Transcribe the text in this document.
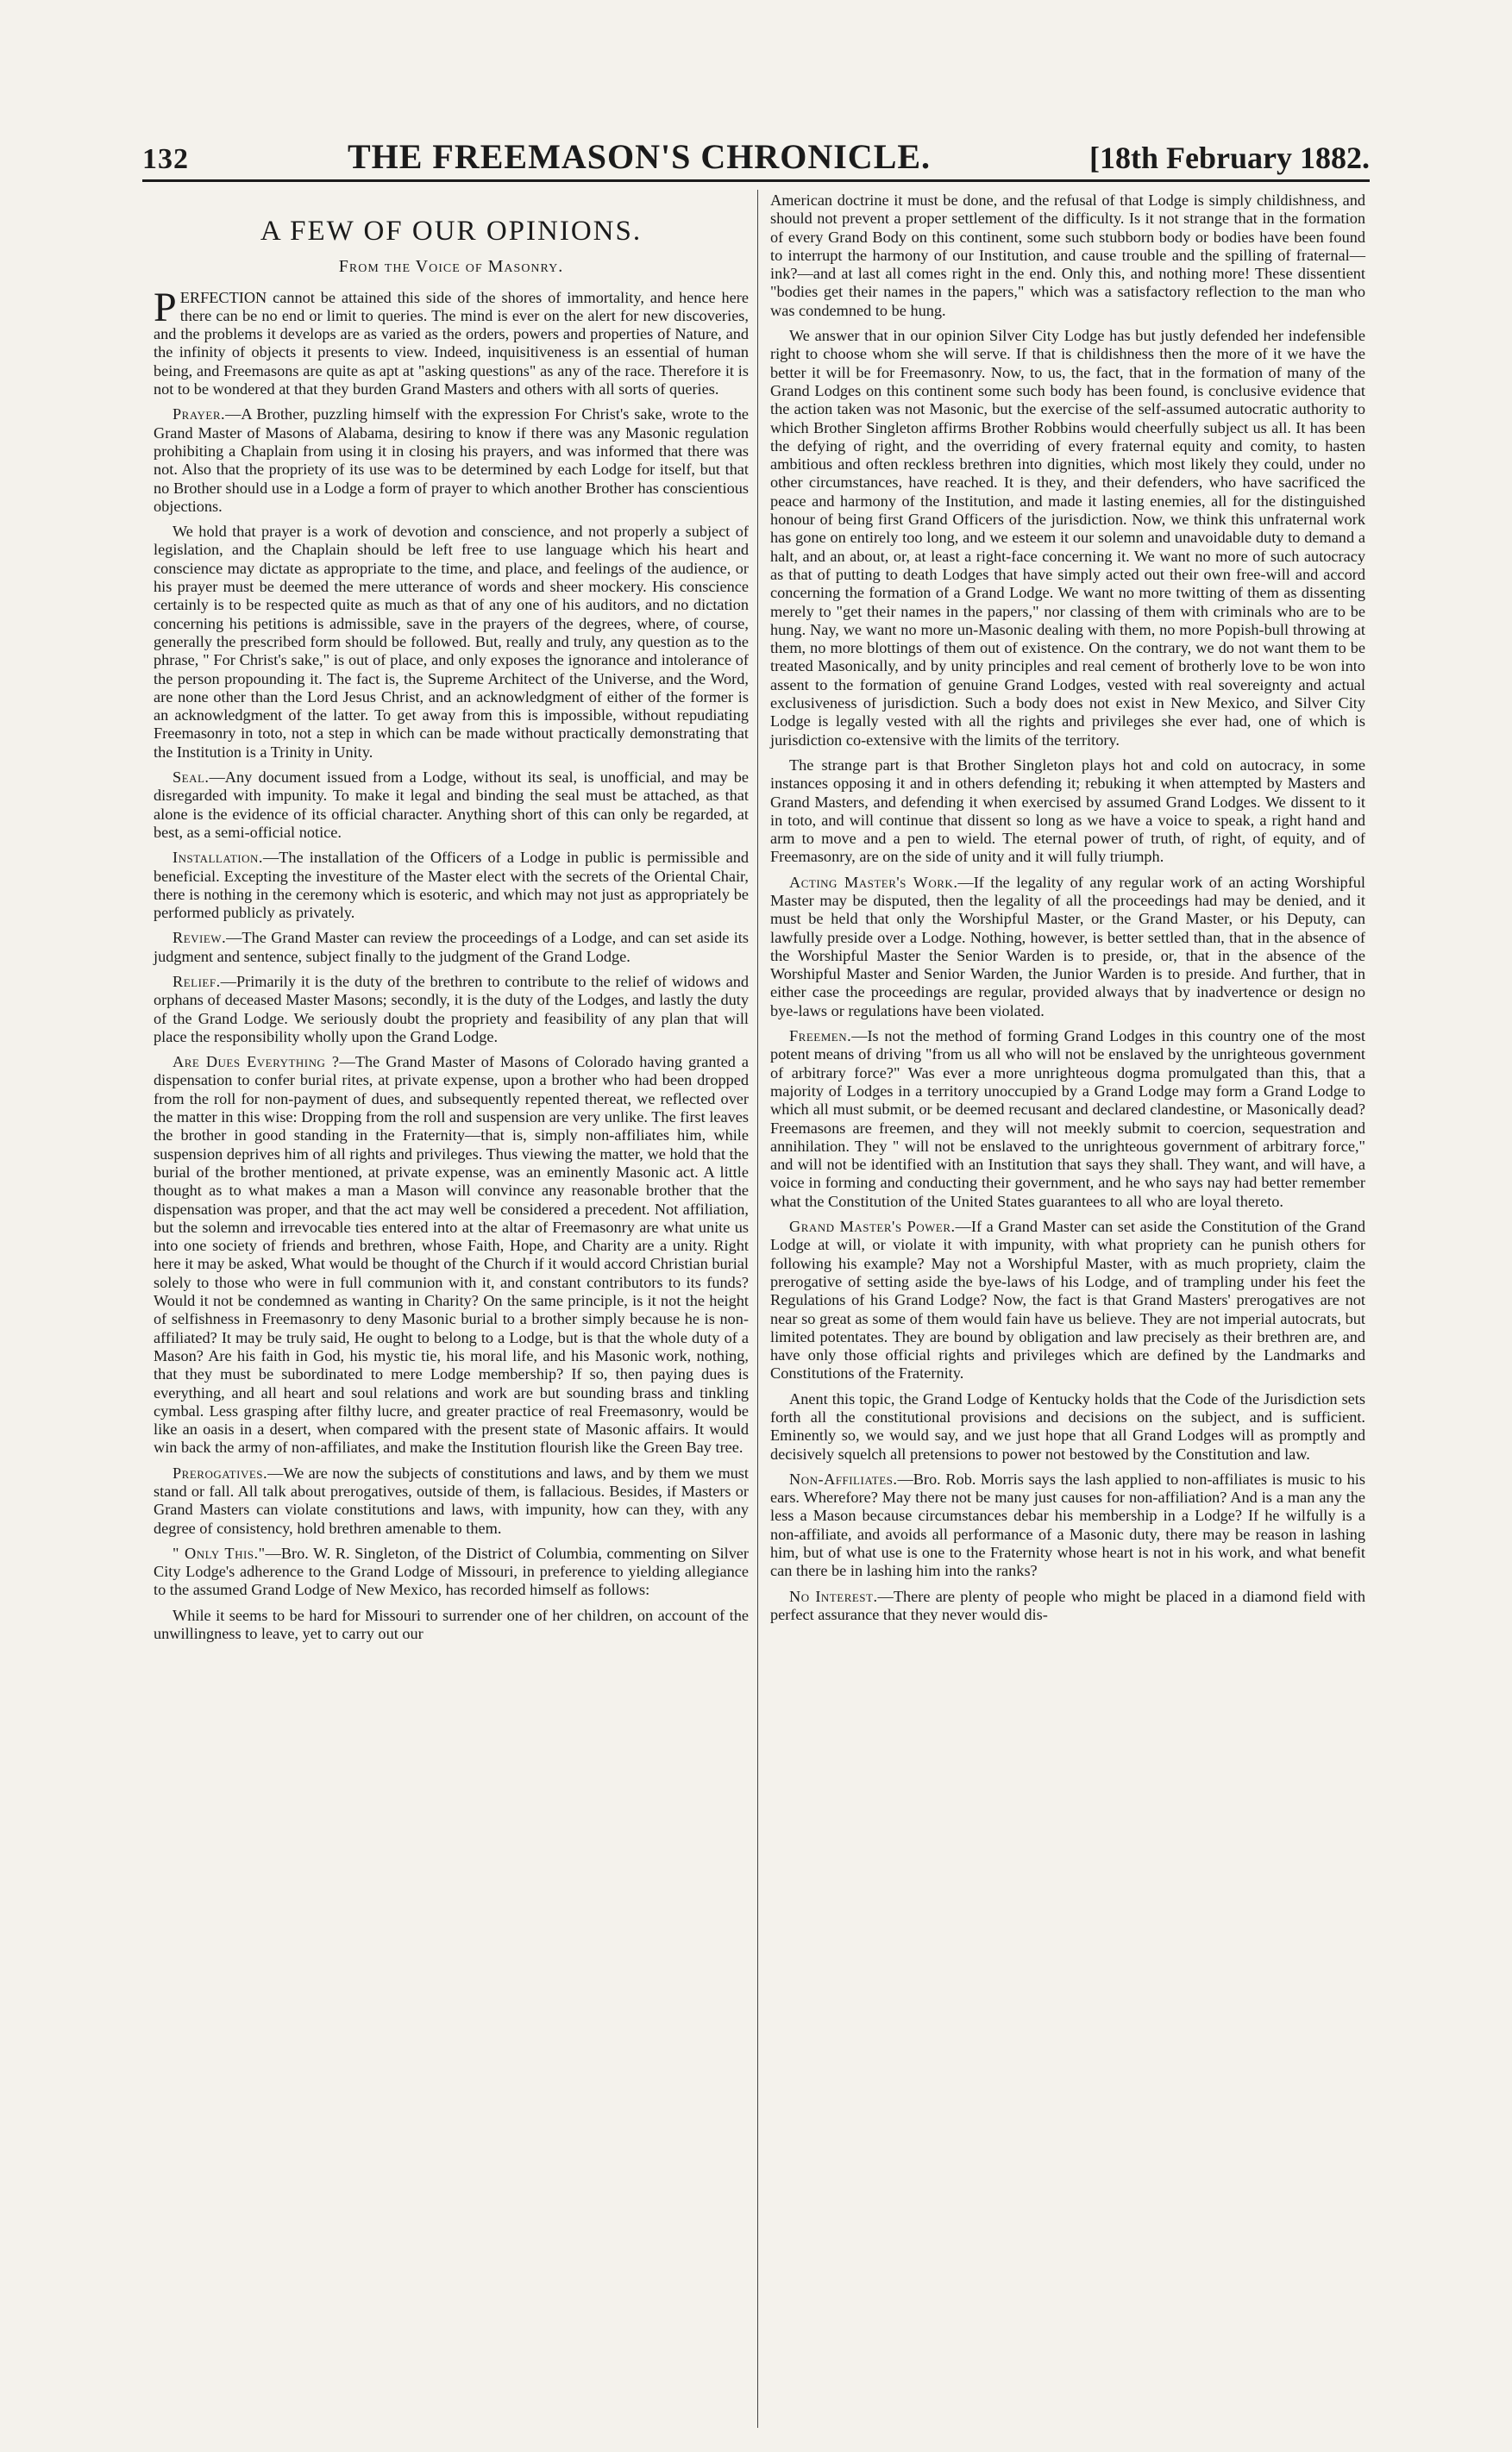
132	THE FREEMASON'S CHRONICLE.	[18th February 1882.
A FEW OF OUR OPINIONS.
From the Voice of Masonry.

PERFECTION cannot be attained this side of the shores of immortality, and hence here there can be no end or limit to queries. The mind is ever on the alert for new discoveries, and the problems it develops are as varied as the orders, powers and properties of Nature, and the infinity of objects it presents to view. Indeed, inquisitiveness is an essential of human being, and Freemasons are quite as apt at "asking questions" as any of the race. Therefore it is not to be wondered at that they burden Grand Masters and others with all sorts of queries.

Prayer.—A Brother, puzzling himself with the expression For Christ's sake, wrote to the Grand Master of Masons of Alabama, desiring to know if there was any Masonic regulation prohibiting a Chaplain from using it in closing his prayers, and was informed that there was not. Also that the propriety of its use was to be determined by each Lodge for itself, but that no Brother should use in a Lodge a form of prayer to which another Brother has conscientious objections.

We hold that prayer is a work of devotion and conscience, and not properly a subject of legislation, and the Chaplain should be left free to use language which his heart and conscience may dictate as appropriate to the time, and place, and feelings of the audience, or his prayer must be deemed the mere utterance of words and sheer mockery. His conscience certainly is to be respected quite as much as that of any one of his auditors, and no dictation concerning his petitions is admissible, save in the prayers of the degrees, where, of course, generally the prescribed form should be followed. But, really and truly, any question as to the phrase, " For Christ's sake," is out of place, and only exposes the ignorance and intolerance of the person propounding it. The fact is, the Supreme Architect of the Universe, and the Word, are none other than the Lord Jesus Christ, and an acknowledgment of either of the former is an acknowledgment of the latter. To get away from this is impossible, without repudiating Freemasonry in toto, not a step in which can be made without practically demonstrating that the Institution is a Trinity in Unity.

Seal.—Any document issued from a Lodge, without its seal, is unofficial, and may be disregarded with impunity. To make it legal and binding the seal must be attached, as that alone is the evidence of its official character. Anything short of this can only be regarded, at best, as a semi-official notice.

Installation.—The installation of the Officers of a Lodge in public is permissible and beneficial. Excepting the investiture of the Master elect with the secrets of the Oriental Chair, there is nothing in the ceremony which is esoteric, and which may not just as appropriately be performed publicly as privately.

Review.—The Grand Master can review the proceedings of a Lodge, and can set aside its judgment and sentence, subject finally to the judgment of the Grand Lodge.

Relief.—Primarily it is the duty of the brethren to contribute to the relief of widows and orphans of deceased Master Masons; secondly, it is the duty of the Lodges, and lastly the duty of the Grand Lodge. We seriously doubt the propriety and feasibility of any plan that will place the responsibility wholly upon the Grand Lodge.

Are Dues Everything ?—The Grand Master of Masons of Colorado having granted a dispensation to confer burial rites, at private expense, upon a brother who had been dropped from the roll for non-payment of dues, and subsequently repented thereat, we reflected over the matter in this wise: Dropping from the roll and suspension are very unlike. The first leaves the brother in good standing in the Fraternity—that is, simply non-affiliates him, while suspension deprives him of all rights and privileges. Thus viewing the matter, we hold that the burial of the brother mentioned, at private expense, was an eminently Masonic act. A little thought as to what makes a man a Mason will convince any reasonable brother that the dispensation was proper, and that the act may well be considered a precedent. Not affiliation, but the solemn and irrevocable ties entered into at the altar of Freemasonry are what unite us into one society of friends and brethren, whose Faith, Hope, and Charity are a unity. Right here it may be asked, What would be thought of the Church if it would accord Christian burial solely to those who were in full communion with it, and constant contributors to its funds? Would it not be condemned as wanting in Charity? On the same principle, is it not the height of selfishness in Freemasonry to deny Masonic burial to a brother simply because he is non-affiliated? It may be truly said, He ought to belong to a Lodge, but is that the whole duty of a Mason? Are his faith in God, his mystic tie, his moral life, and his Masonic work, nothing, that they must be subordinated to mere Lodge membership? If so, then paying dues is everything, and all heart and soul relations and work are but sounding brass and tinkling cymbal. Less grasping after filthy lucre, and greater practice of real Freemasonry, would be like an oasis in a desert, when compared with the present state of Masonic affairs. It would win back the army of non-affiliates, and make the Institution flourish like the Green Bay tree.

Prerogatives.—We are now the subjects of constitutions and laws, and by them we must stand or fall. All talk about prerogatives, outside of them, is fallacious. Besides, if Masters or Grand Masters can violate constitutions and laws, with impunity, how can they, with any degree of consistency, hold brethren amenable to them.

" Only This."—Bro. W. R. Singleton, of the District of Columbia, commenting on Silver City Lodge's adherence to the Grand Lodge of Missouri, in preference to yielding allegiance to the assumed Grand Lodge of New Mexico, has recorded himself as follows:

While it seems to be hard for Missouri to surrender one of her children, on account of the unwillingness to leave, yet to carry out our

American doctrine it must be done, and the refusal of that Lodge is simply childishness, and should not prevent a proper settlement of the difficulty. Is it not strange that in the formation of every Grand Body on this continent, some such stubborn body or bodies have been found to interrupt the harmony of our Institution, and cause trouble and the spilling of fraternal—ink?—and at last all comes right in the end. Only this, and nothing more! These dissentient "bodies get their names in the papers," which was a satisfactory reflection to the man who was condemned to be hung.

We answer that in our opinion Silver City Lodge has but justly defended her indefensible right to choose whom she will serve. If that is childishness then the more of it we have the better it will be for Freemasonry. Now, to us, the fact, that in the formation of many of the Grand Lodges on this continent some such body has been found, is conclusive evidence that the action taken was not Masonic, but the exercise of the self-assumed autocratic authority to which Brother Singleton affirms Brother Robbins would cheerfully subject us all. It has been the defying of right, and the overriding of every fraternal equity and comity, to hasten ambitious and often reckless brethren into dignities, which most likely they could, under no other circumstances, have reached. It is they, and their defenders, who have sacrificed the peace and harmony of the Institution, and made it lasting enemies, all for the distinguished honour of being first Grand Officers of the jurisdiction. Now, we think this unfraternal work has gone on entirely too long, and we esteem it our solemn and unavoidable duty to demand a halt, and an about, or, at least a right-face concerning it. We want no more of such autocracy as that of putting to death Lodges that have simply acted out their own free-will and accord concerning the formation of a Grand Lodge. We want no more twitting of them as dissenting merely to "get their names in the papers," nor classing of them with criminals who are to be hung. Nay, we want no more un-Masonic dealing with them, no more Popish-bull throwing at them, no more blottings of them out of existence. On the contrary, we do not want them to be treated Masonically, and by unity principles and real cement of brotherly love to be won into assent to the formation of genuine Grand Lodges, vested with real sovereignty and actual exclusiveness of jurisdiction. Such a body does not exist in New Mexico, and Silver City Lodge is legally vested with all the rights and privileges she ever had, one of which is jurisdiction co-extensive with the limits of the territory.

The strange part is that Brother Singleton plays hot and cold on autocracy, in some instances opposing it and in others defending it; rebuking it when attempted by Masters and Grand Masters, and defending it when exercised by assumed Grand Lodges. We dissent to it in toto, and will continue that dissent so long as we have a voice to speak, a right hand and arm to move and a pen to wield. The eternal power of truth, of right, of equity, and of Freemasonry, are on the side of unity and it will fully triumph.

Acting Master's Work.—If the legality of any regular work of an acting Worshipful Master may be disputed, then the legality of all the proceedings had may be denied, and it must be held that only the Worshipful Master, or the Grand Master, or his Deputy, can lawfully preside over a Lodge. Nothing, however, is better settled than, that in the absence of the Worshipful Master the Senior Warden is to preside, or, that in the absence of the Worshipful Master and Senior Warden, the Junior Warden is to preside. And further, that in either case the proceedings are regular, provided always that by inadvertence or design no bye-laws or regulations have been violated.

Freemen.—Is not the method of forming Grand Lodges in this country one of the most potent means of driving "from us all who will not be enslaved by the unrighteous government of arbitrary force?" Was ever a more unrighteous dogma promulgated than this, that a majority of Lodges in a territory unoccupied by a Grand Lodge may form a Grand Lodge to which all must submit, or be deemed recusant and declared clandestine, or Masonically dead? Freemasons are freemen, and they will not meekly submit to coercion, sequestration and annihilation. They " will not be enslaved to the unrighteous government of arbitrary force," and will not be identified with an Institution that says they shall. They want, and will have, a voice in forming and conducting their government, and he who says nay had better remember what the Constitution of the United States guarantees to all who are loyal thereto.

Grand Master's Power.—If a Grand Master can set aside the Constitution of the Grand Lodge at will, or violate it with impunity, with what propriety can he punish others for following his example? May not a Worshipful Master, with as much propriety, claim the prerogative of setting aside the bye-laws of his Lodge, and of trampling under his feet the Regulations of his Grand Lodge? Now, the fact is that Grand Masters' prerogatives are not near so great as some of them would fain have us believe. They are not imperial autocrats, but limited potentates. They are bound by obligation and law precisely as their brethren are, and have only those official rights and privileges which are defined by the Landmarks and Constitutions of the Fraternity.

Anent this topic, the Grand Lodge of Kentucky holds that the Code of the Jurisdiction sets forth all the constitutional provisions and decisions on the subject, and is sufficient. Eminently so, we would say, and we just hope that all Grand Lodges will as promptly and decisively squelch all pretensions to power not bestowed by the Constitution and law.

Non-Affiliates.—Bro. Rob. Morris says the lash applied to non-affiliates is music to his ears. Wherefore? May there not be many just causes for non-affiliation? And is a man any the less a Mason because circumstances debar his membership in a Lodge? If he wilfully is a non-affiliate, and avoids all performance of a Masonic duty, there may be reason in lashing him, but of what use is one to the Fraternity whose heart is not in his work, and what benefit can there be in lashing him into the ranks?

No Interest.—There are plenty of people who might be placed in a diamond field with perfect assurance that they never would dis-
